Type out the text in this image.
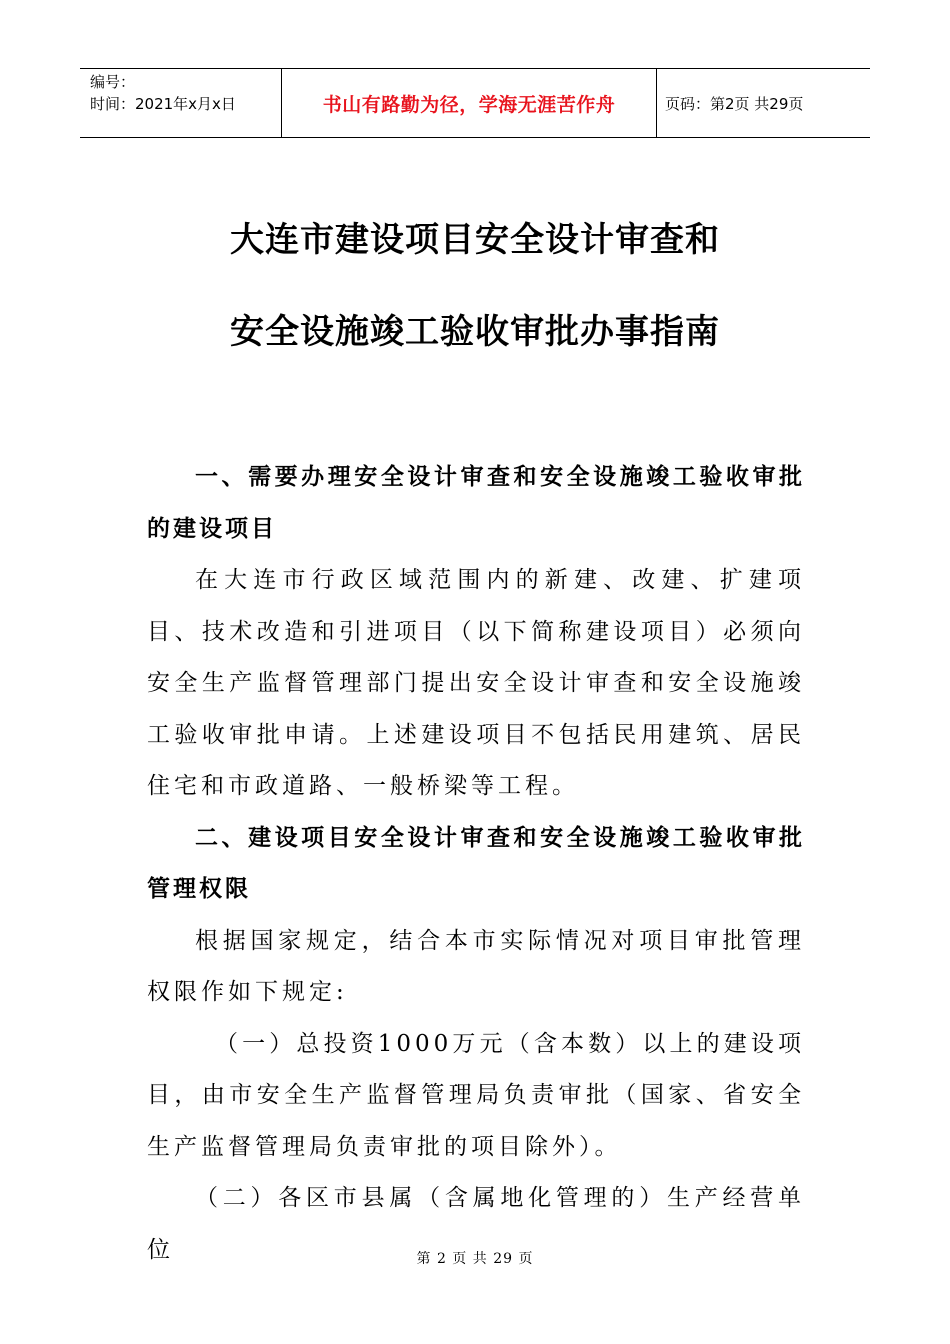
编号：
时间：2021年x月x日	书山有路勤为径，学海无涯苦作舟	页码：第2页 共29页
大连市建设项目安全设计审查和
安全设施竣工验收审批办事指南

一、需要办理安全设计审查和安全设施竣工验收审批的建设项目

在大连市行政区域范围内的新建、改建、扩建项目、技术改造和引进项目（以下简称建设项目）必须向安全生产监督管理部门提出安全设计审查和安全设施竣工验收审批申请。上述建设项目不包括民用建筑、居民住宅和市政道路、一般桥梁等工程。

二、建设项目安全设计审查和安全设施竣工验收审批管理权限

根据国家规定，结合本市实际情况对项目审批管理权限作如下规定:

（一）总投资1000万元（含本数）以上的建设项目，由市安全生产监督管理局负责审批（国家、省安全生产监督管理局负责审批的项目除外）。

（二）各区市县属（含属地化管理的）生产经营单位	第 2 页 共 29 页
